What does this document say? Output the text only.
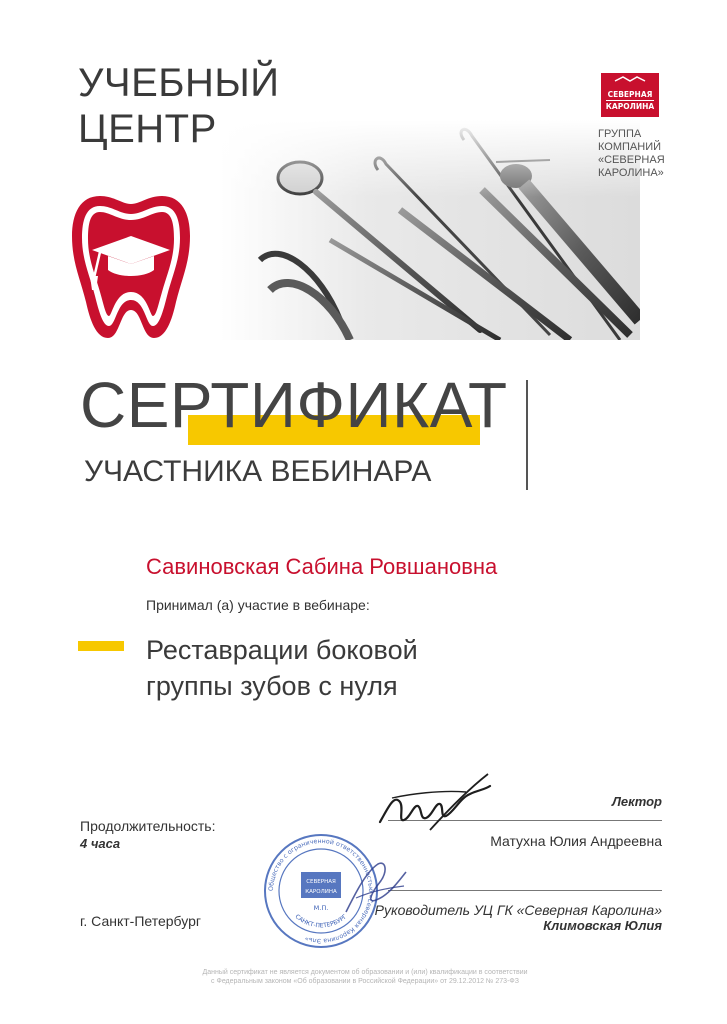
УЧЕБНЫЙ
ЦЕНТР
СЕВЕРНАЯ
КАРОЛИНА
ГРУППА
КОМПАНИЙ
«СЕВЕРНАЯ
КАРОЛИНА»
СЕРТИФИКАТ
УЧАСТНИКА ВЕБИНАРА
Савиновская Сабина Ровшановна
Принимал (а) участие в вебинаре:
Реставрации боковой
группы зубов с нуля
Продолжительность:
4 часа
г. Санкт-Петербург
Лектор
Матухна Юлия Андреевна
Руководитель УЦ ГК «Северная Каролина»
Климовская Юлия
Общество с ограниченной ответственностью «Северная Каролина Эль»
СЕВЕРНАЯ
КАРОЛИНА
М.П.
САНКТ-ПЕТЕРБУРГ
Данный сертификат не является документом об образовании и (или) квалификации в соответствии
с Федеральным законом «Об образовании в Российской Федерации» от 29.12.2012 № 273-ФЗ
